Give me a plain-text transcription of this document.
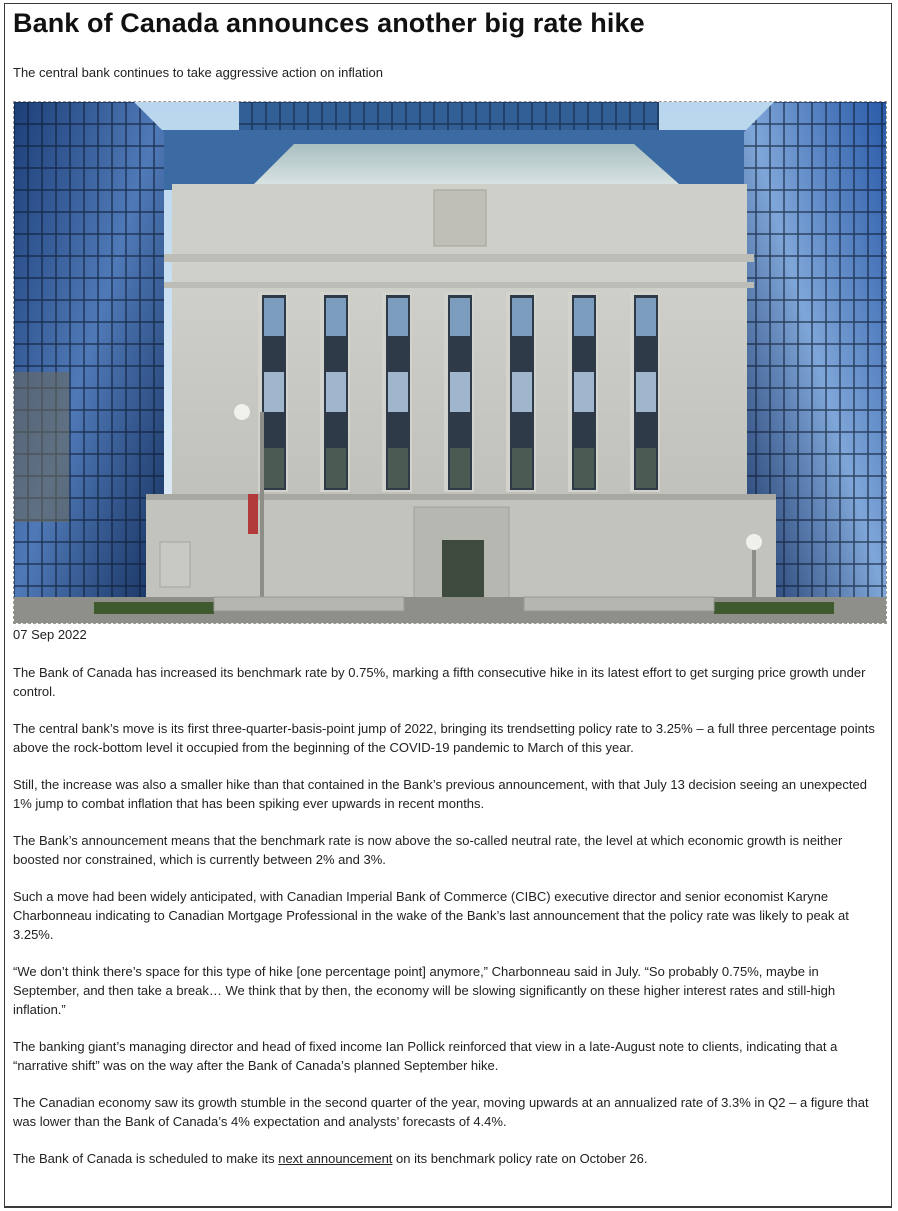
Bank of Canada announces another big rate hike

The central bank continues to take aggressive action on inflation

07 Sep 2022

The Bank of Canada has increased its benchmark rate by 0.75%, marking a fifth consecutive hike in its latest effort to get surging price growth under control.

The central bank’s move is its first three-quarter-basis-point jump of 2022, bringing its trendsetting policy rate to 3.25% – a full three percentage points above the rock-bottom level it occupied from the beginning of the COVID-19 pandemic to March of this year.

Still, the increase was also a smaller hike than that contained in the Bank’s previous announcement, with that July 13 decision seeing an unexpected 1% jump to combat inflation that has been spiking ever upwards in recent months.

The Bank’s announcement means that the benchmark rate is now above the so-called neutral rate, the level at which economic growth is neither boosted nor constrained, which is currently between 2% and 3%.

Such a move had been widely anticipated, with Canadian Imperial Bank of Commerce (CIBC) executive director and senior economist Karyne Charbonneau indicating to Canadian Mortgage Professional in the wake of the Bank’s last announcement that the policy rate was likely to peak at 3.25%.

“We don’t think there’s space for this type of hike [one percentage point] anymore,” Charbonneau said in July. “So probably 0.75%, maybe in September, and then take a break… We think that by then, the economy will be slowing significantly on these higher interest rates and still-high inflation.”

The banking giant’s managing director and head of fixed income Ian Pollick reinforced that view in a late-August note to clients, indicating that a “narrative shift” was on the way after the Bank of Canada’s planned September hike.

The Canadian economy saw its growth stumble in the second quarter of the year, moving upwards at an annualized rate of 3.3% in Q2 – a figure that was lower than the Bank of Canada’s 4% expectation and analysts’ forecasts of 4.4%.

The Bank of Canada is scheduled to make its next announcement on its benchmark policy rate on October 26.
